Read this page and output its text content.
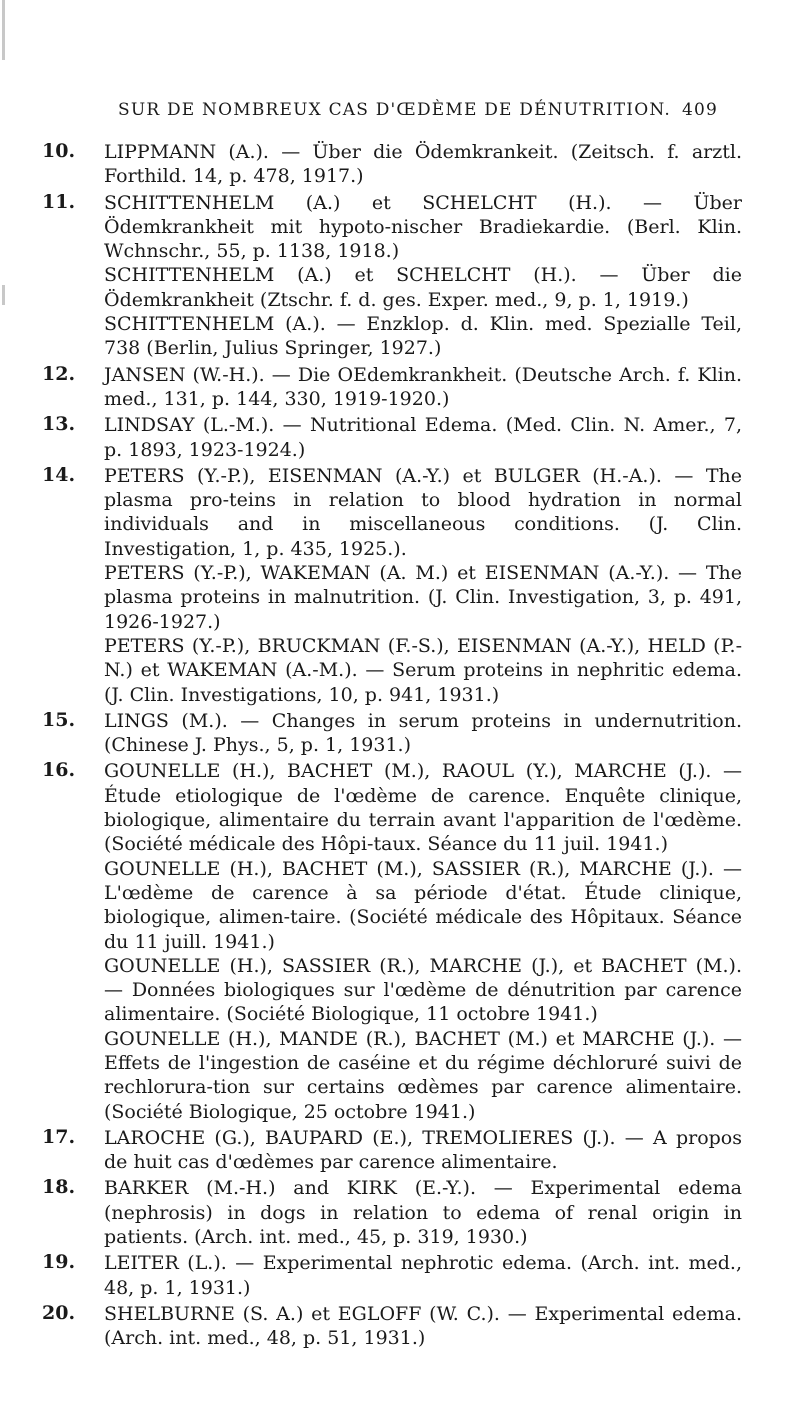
SUR DE NOMBREUX CAS D'ŒDÈME DE DÉNUTRITION. 409
10. LIPPMANN (A.). — Über die Ödemkrankeit. (Zeitsch. f. arztl. Forthild. 14, p. 478, 1917.)

11. SCHITTENHELM (A.) et SCHELCHT (H.). — Über Ödemkrankheit mit hypoto-nischer Bradiekardie. (Berl. Klin. Wchnschr., 55, p. 1138, 1918.)

SCHITTENHELM (A.) et SCHELCHT (H.). — Über die Ödemkrankheit (Ztschr. f. d. ges. Exper. med., 9, p. 1, 1919.)

SCHITTENHELM (A.). — Enzklop. d. Klin. med. Spezialle Teil, 738 (Berlin, Julius Springer, 1927.)

12. JANSEN (W.-H.). — Die OEdemkrankheit. (Deutsche Arch. f. Klin. med., 131, p. 144, 330, 1919-1920.)

13. LINDSAY (L.-M.). — Nutritional Edema. (Med. Clin. N. Amer., 7, p. 1893, 1923-1924.)

14. PETERS (Y.-P.), EISENMAN (A.-Y.) et BULGER (H.-A.). — The plasma pro-teins in relation to blood hydration in normal individuals and in miscellaneous conditions. (J. Clin. Investigation, 1, p. 435, 1925.).

PETERS (Y.-P.), WAKEMAN (A. M.) et EISENMAN (A.-Y.). — The plasma proteins in malnutrition. (J. Clin. Investigation, 3, p. 491, 1926-1927.)

PETERS (Y.-P.), BRUCKMAN (F.-S.), EISENMAN (A.-Y.), HELD (P.-N.) et WAKEMAN (A.-M.). — Serum proteins in nephritic edema. (J. Clin. Investigations, 10, p. 941, 1931.)

15. LINGS (M.). — Changes in serum proteins in undernutrition. (Chinese J. Phys., 5, p. 1, 1931.)

16. GOUNELLE (H.), BACHET (M.), RAOUL (Y.), MARCHE (J.). — Étude etiologique de l'œdème de carence. Enquête clinique, biologique, alimentaire du terrain avant l'apparition de l'œdème. (Société médicale des Hôpi-taux. Séance du 11 juil. 1941.)

GOUNELLE (H.), BACHET (M.), SASSIER (R.), MARCHE (J.). — L'œdème de carence à sa période d'état. Étude clinique, biologique, alimen-taire. (Société médicale des Hôpitaux. Séance du 11 juill. 1941.)

GOUNELLE (H.), SASSIER (R.), MARCHE (J.), et BACHET (M.). — Données biologiques sur l'œdème de dénutrition par carence alimentaire. (Société Biologique, 11 octobre 1941.)

GOUNELLE (H.), MANDE (R.), BACHET (M.) et MARCHE (J.). — Effets de l'ingestion de caséine et du régime déchloruré suivi de rechlorura-tion sur certains œdèmes par carence alimentaire. (Société Biologique, 25 octobre 1941.)

17. LAROCHE (G.), BAUPARD (E.), TREMOLIERES (J.). — A propos de huit cas d'œdèmes par carence alimentaire.

18. BARKER (M.-H.) and KIRK (E.-Y.). — Experimental edema (nephrosis) in dogs in relation to edema of renal origin in patients. (Arch. int. med., 45, p. 319, 1930.)

19. LEITER (L.). — Experimental nephrotic edema. (Arch. int. med., 48, p. 1, 1931.)

20. SHELBURNE (S. A.) et EGLOFF (W. C.). — Experimental edema. (Arch. int. med., 48, p. 51, 1931.)
